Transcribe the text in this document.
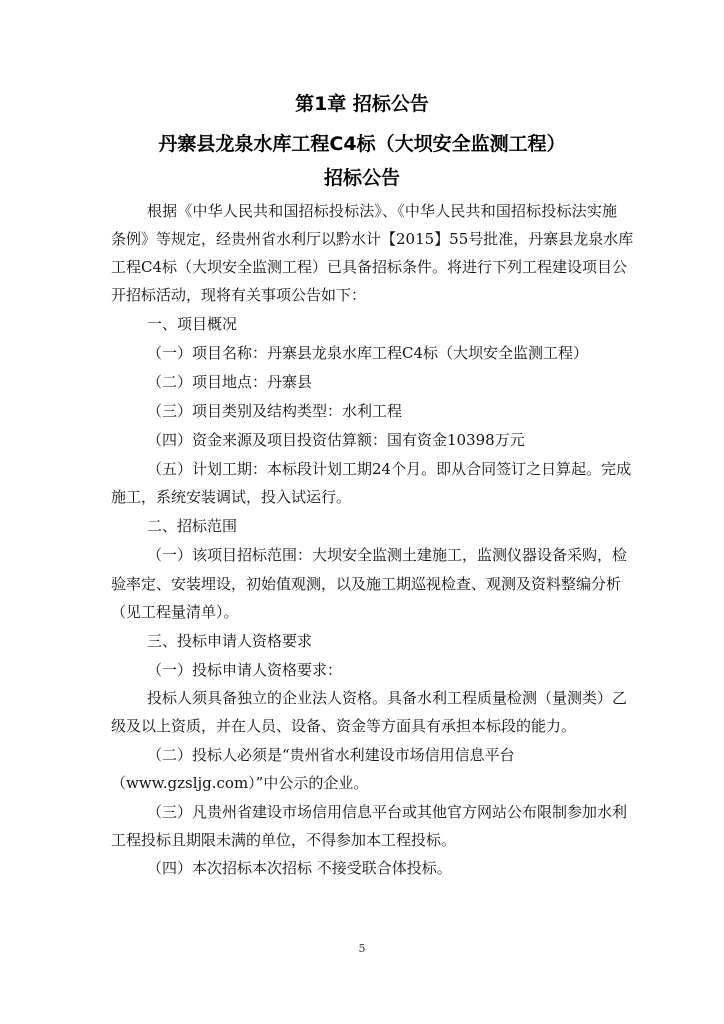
第1章 招标公告
丹寨县龙泉水库工程C4标（大坝安全监测工程）
招标公告
根据《中华人民共和国招标投标法》、《中华人民共和国招标投标法实施
条例》等规定，经贵州省水利厅以黔水计【2015】55号批准，丹寨县龙泉水库
工程C4标（大坝安全监测工程）已具备招标条件。将进行下列工程建设项目公
开招标活动，现将有关事项公告如下：
一、项目概况
（一）项目名称：丹寨县龙泉水库工程C4标（大坝安全监测工程）
（二）项目地点：丹寨县
（三）项目类别及结构类型：水利工程
（四）资金来源及项目投资估算额：国有资金10398万元
（五）计划工期：本标段计划工期24个月。即从合同签订之日算起。完成
施工，系统安装调试，投入试运行。
二、招标范围
（一）该项目招标范围：大坝安全监测土建施工，监测仪器设备采购，检
验率定、安装埋设，初始值观测，以及施工期巡视检查、观测及资料整编分析
（见工程量清单）。
三、投标申请人资格要求
（一）投标申请人资格要求：
投标人须具备独立的企业法人资格。具备水利工程质量检测（量测类）乙
级及以上资质，并在人员、设备、资金等方面具有承担本标段的能力。
（二）投标人必须是“贵州省水利建设市场信用信息平台
（www.gzsljg.com）”中公示的企业。
（三）凡贵州省建设市场信用信息平台或其他官方网站公布限制参加水利
工程投标且期限未满的单位，不得参加本工程投标。
（四）本次招标本次招标 不接受联合体投标。
5
